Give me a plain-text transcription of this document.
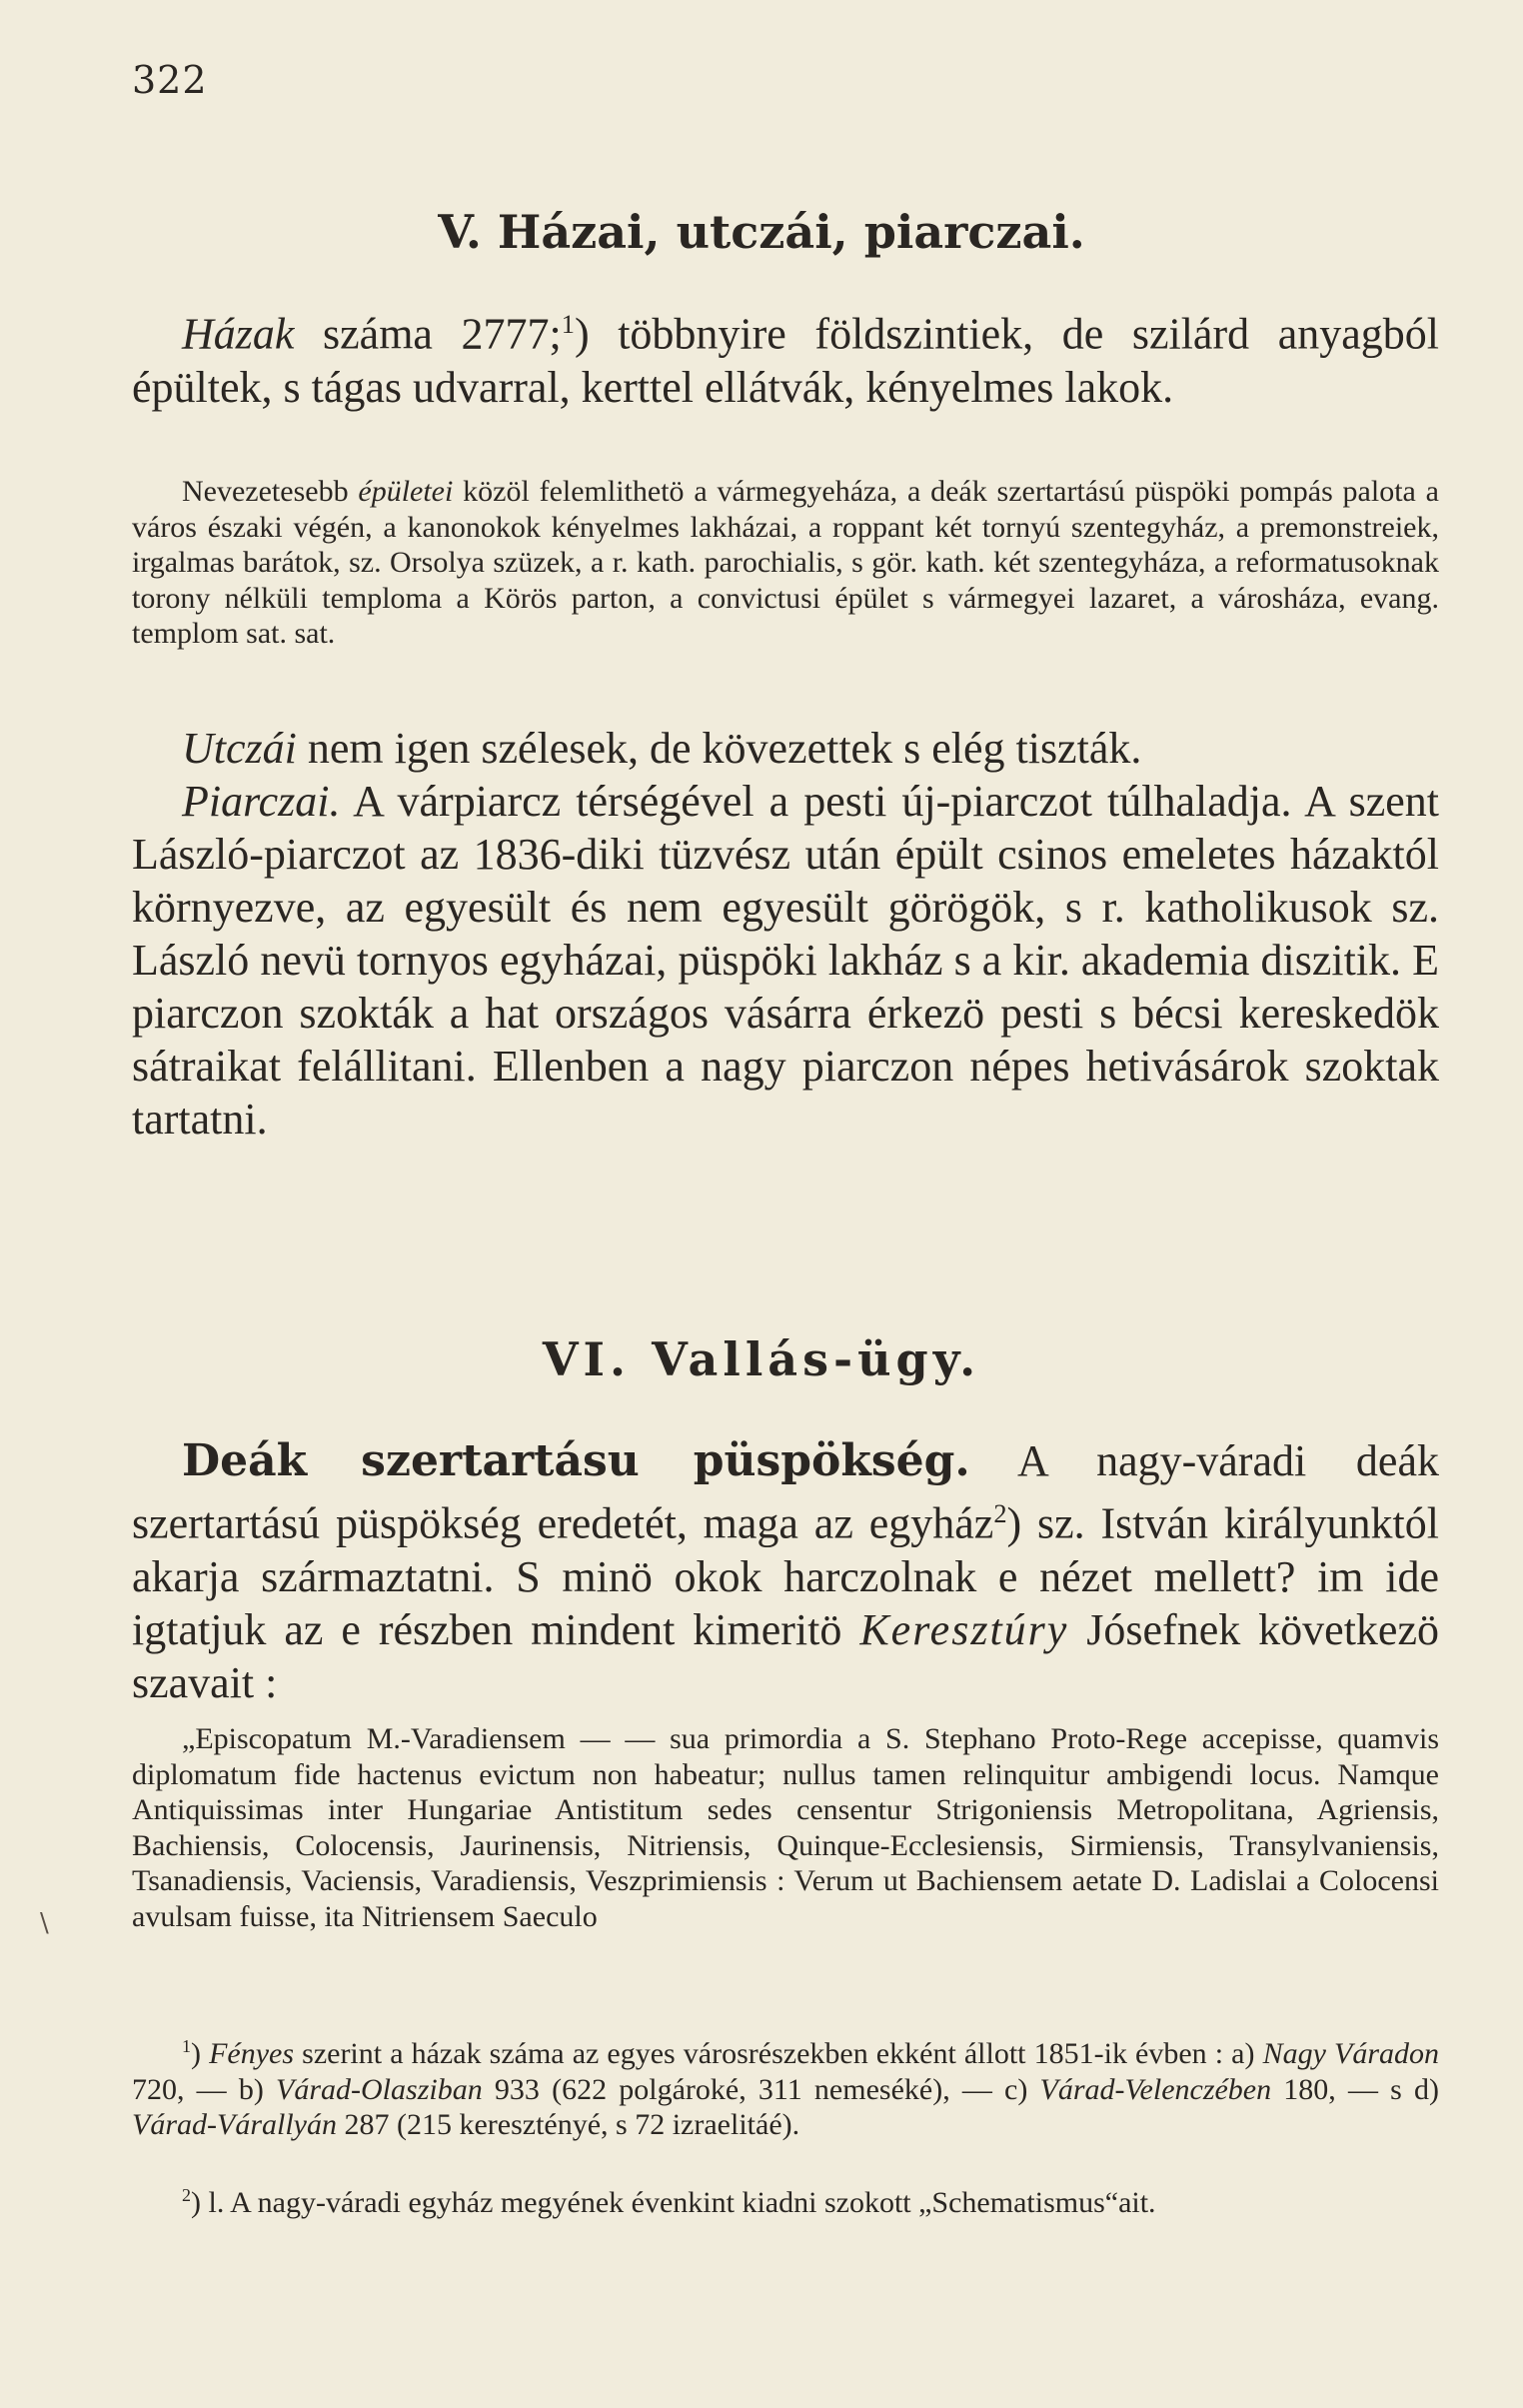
322
V. Házai, utczái, piarczai.
Házak száma 2777;$^1$) többnyire földszintiek, de szilárd anyagból épültek, s tágas udvarral, kerttel ellátvák, kényelmes lakok.
Nevezetesebb épületei közöl felemlithetö a vármegyeháza, a deák szertartású püspöki pompás palota a város északi végén, a kanonokok kényelmes lakházai, a roppant két tornyú szentegyház, a premonstreiek, irgalmas barátok, sz. Orsolya szüzek, a r. kath. parochialis, s gör. kath. két szentegyháza, a reformatusoknak torony nélküli temploma a Körös parton, a convictusi épület s vármegyei lazaret, a városháza, evang. templom sat. sat.
Utczái nem igen szélesek, de kövezettek s elég tiszták.
Piarczai. A várpiarcz térségével a pesti új-piarczot túlhaladja. A szent László-piarczot az 1836-diki tüzvész után épült csinos emeletes házaktól környezve, az egyesült és nem egyesült görögök, s r. katholikusok sz. László nevü tornyos egyházai, püspöki lakház s a kir. akademia diszitik. E piarczon szokták a hat országos vásárra érkezö pesti s bécsi kereskedök sátraikat felállitani. Ellenben a nagy piarczon népes hetivásárok szoktak tartatni.
VI. Vallás-ügy.
Deák szertartásu püspökség. A nagy-váradi deák szertartású püspökség eredetét, maga az egyház$^2$) sz. István királyunktól akarja származtatni. S minö okok harczolnak e nézet mellett? im ide igtatjuk az e részben mindent kimeritö Keresztúry Jósefnek következö szavait :
„Episcopatum M.-Varadiensem — — sua primordia a S. Stephano Proto-Rege accepisse, quamvis diplomatum fide hactenus evictum non habeatur; nullus tamen relinquitur ambigendi locus. Namque Antiquissimas inter Hungariae Antistitum sedes censentur Strigoniensis Metropolitana, Agriensis, Bachiensis, Colocensis, Jaurinensis, Nitriensis, Quinque-Ecclesiensis, Sirmiensis, Transylvaniensis, Tsanadiensis, Vaciensis, Varadiensis, Veszprimiensis : Verum ut Bachiensem aetate D. Ladislai a Colocensi avulsam fuisse, ita Nitriensem Saeculo
\
$^1$) Fényes szerint a házak száma az egyes városrészekben ekként állott 1851-ik évben : a) Nagy Váradon 720, — b) Várad-Olasziban 933 (622 polgároké, 311 nemeséké), — c) Várad-Velenczében 180, — s d) Várad-Várallyán 287 (215 keresztényé, s 72 izraelitáé).
$^2$) l. A nagy-váradi egyház megyének évenkint kiadni szokott „Schematismus“ait.
